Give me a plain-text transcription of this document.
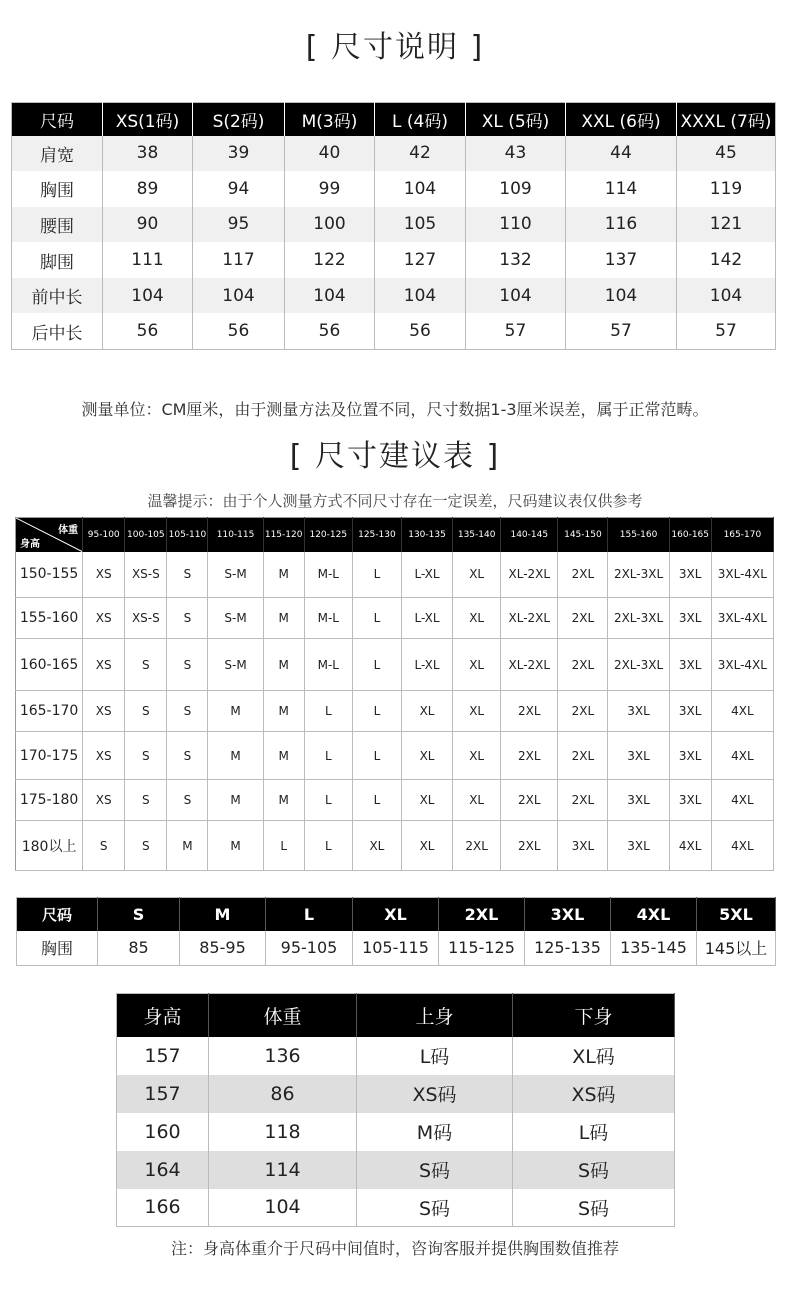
[ 尺寸说明 ]
尺码	XS(1码)	S(2码)	M(3码)	L (4码)	XL (5码)	XXL (6码)	XXXL (7码)
肩宽	38	39	40	42	43	44	45
胸围	89	94	99	104	109	114	119
腰围	90	95	100	105	110	116	121
脚围	111	117	122	127	132	137	142
前中长	104	104	104	104	104	104	104
后中长	56	56	56	56	57	57	57
测量单位：CM厘米，由于测量方法及位置不同，尺寸数据1-3厘米误差，属于正常范畴。
[ 尺寸建议表 ]
温馨提示：由于个人测量方式不同尺寸存在一定误差，尺码建议表仅供参考
体重
身高	95-100	100-105	105-110	110-115	115-120	120-125	125-130	130-135	135-140	140-145	145-150	155-160	160-165	165-170
150-155	XS	XS-S	S	S-M	M	M-L	L	L-XL	XL	XL-2XL	2XL	2XL-3XL	3XL	3XL-4XL
155-160	XS	XS-S	S	S-M	M	M-L	L	L-XL	XL	XL-2XL	2XL	2XL-3XL	3XL	3XL-4XL
160-165	XS	S	S	S-M	M	M-L	L	L-XL	XL	XL-2XL	2XL	2XL-3XL	3XL	3XL-4XL
165-170	XS	S	S	M	M	L	L	XL	XL	2XL	2XL	3XL	3XL	4XL
170-175	XS	S	S	M	M	L	L	XL	XL	2XL	2XL	3XL	3XL	4XL
175-180	XS	S	S	M	M	L	L	XL	XL	2XL	2XL	3XL	3XL	4XL
180以上	S	S	M	M	L	L	XL	XL	2XL	2XL	3XL	3XL	4XL	4XL
尺码	S	M	L	XL	2XL	3XL	4XL	5XL
胸围	85	85-95	95-105	105-115	115-125	125-135	135-145	145以上
身高	体重	上身	下身
157	136	L码	XL码
157	86	XS码	XS码
160	118	M码	L码
164	114	S码	S码
166	104	S码	S码
注：身高体重介于尺码中间值时，咨询客服并提供胸围数值推荐
